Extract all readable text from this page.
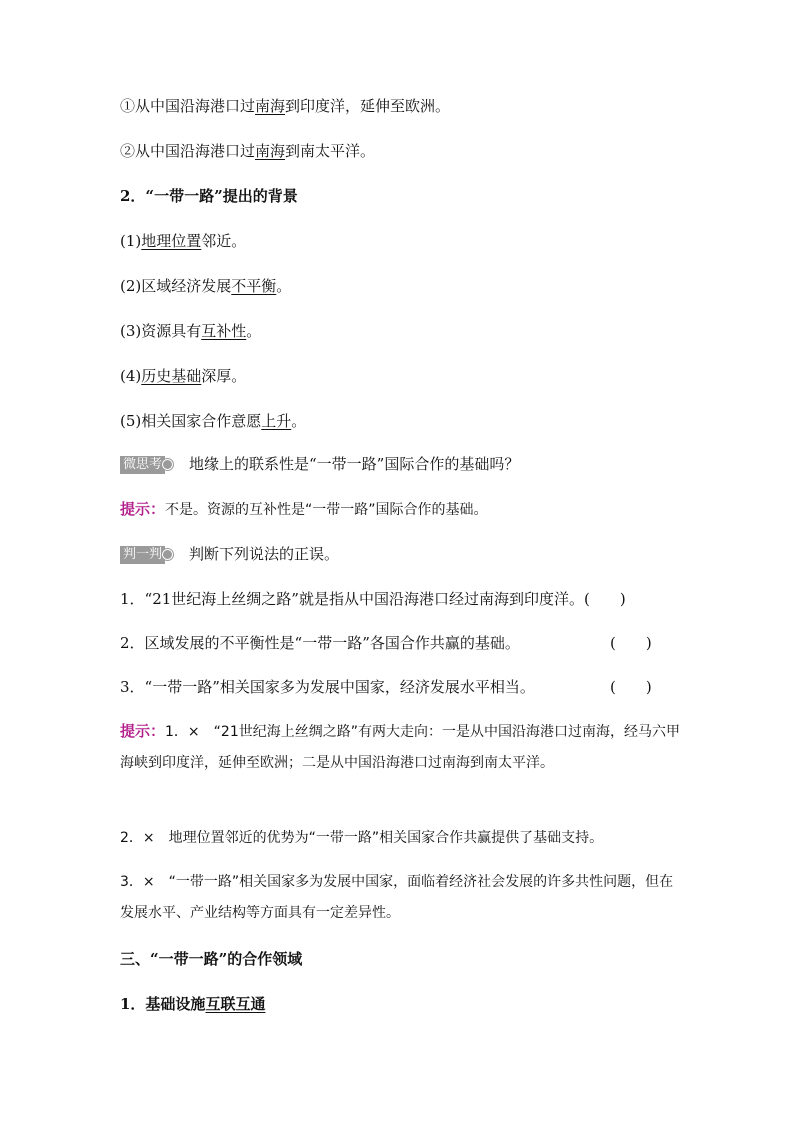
①从中国沿海港口过南海到印度洋，延伸至欧洲。
②从中国沿海港口过南海到南太平洋。
2．“一带一路”提出的背景
(1)地理位置邻近。
(2)区域经济发展不平衡。
(3)资源具有互补性。
(4)历史基础深厚。
(5)相关国家合作意愿上升。
微思考 地缘上的联系性是“一带一路”国际合作的基础吗？
提示：不是。资源的互补性是“一带一路”国际合作的基础。
判一判 判断下列说法的正误。
1．“21世纪海上丝绸之路”就是指从中国沿海港口经过南海到印度洋。(　　)
2．区域发展的不平衡性是“一带一路”各国合作共赢的基础。	(　　)
3．“一带一路”相关国家多为发展中国家，经济发展水平相当。	(　　)
提示：1．×　“21世纪海上丝绸之路”有两大走向：一是从中国沿海港口过南海，经马六甲海峡到印度洋，延伸至欧洲；二是从中国沿海港口过南海到南太平洋。
2．×　地理位置邻近的优势为“一带一路”相关国家合作共赢提供了基础支持。
3．×　“一带一路”相关国家多为发展中国家，面临着经济社会发展的许多共性问题，但在发展水平、产业结构等方面具有一定差异性。
三、“一带一路”的合作领域
1．基础设施互联互通
